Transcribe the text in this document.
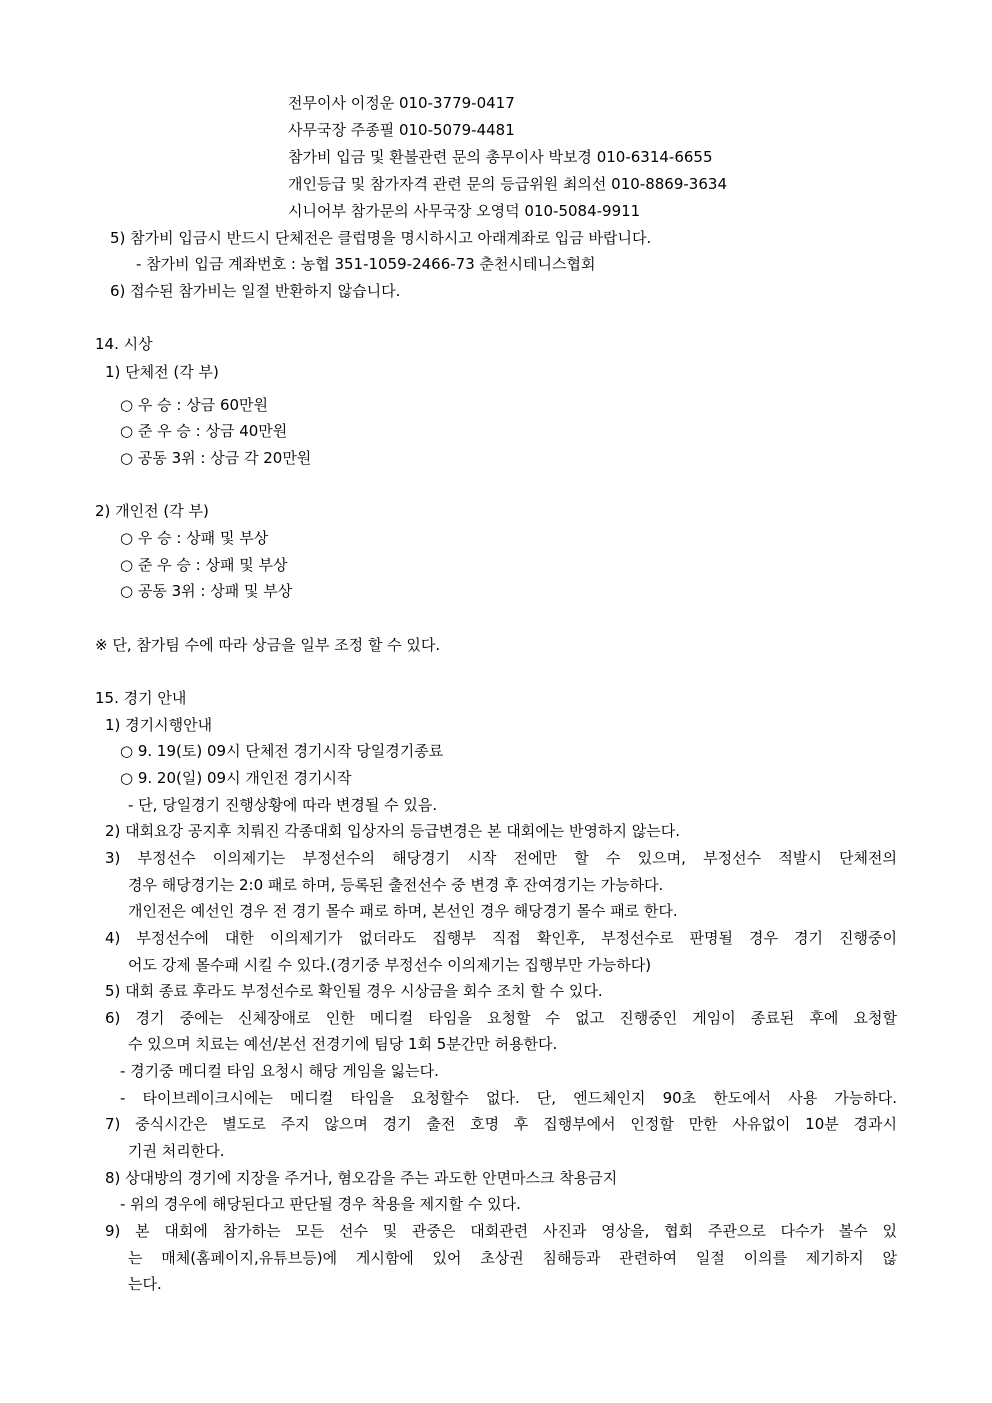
전무이사 이정운 010-3779-0417
사무국장 주종필 010-5079-4481
참가비 입금 및 환불관련 문의 총무이사 박보경 010-6314-6655
개인등급 및 참가자격 관련 문의 등급위원 최의선 010-8869-3634
시니어부 참가문의 사무국장 오영덕 010-5084-9911
5) 참가비 입금시 반드시 단체전은 클럽명을 명시하시고 아래계좌로 입금 바랍니다.
- 참가비 입금 계좌번호 : 농협 351-1059-2466-73 춘천시테니스협회
6) 접수된 참가비는 일절 반환하지 않습니다.
14. 시상
1) 단체전 (각 부)
○ 우 승 : 상금 60만원
○ 준 우 승 : 상금 40만원
○ 공동 3위 : 상금 각 20만원
2) 개인전 (각 부)
○ 우 승 : 상패 및 부상
○ 준 우 승 : 상패 및 부상
○ 공동 3위 : 상패 및 부상
※ 단, 참가팀 수에 따라 상금을 일부 조정 할 수 있다.
15. 경기 안내
1) 경기시행안내
○ 9. 19(토) 09시 단체전 경기시작 당일경기종료
○ 9. 20(일) 09시 개인전 경기시작
- 단, 당일경기 진행상황에 따라 변경될 수 있음.
2) 대회요강 공지후 치뤄진 각종대회 입상자의 등급변경은 본 대회에는 반영하지 않는다.
3) 부정선수 이의제기는 부정선수의 해당경기 시작 전에만 할 수 있으며, 부정선수 적발시 단체전의
경우 해당경기는 2:0 패로 하며, 등록된 출전선수 중 변경 후 잔여경기는 가능하다.
개인전은 예선인 경우 전 경기 몰수 패로 하며, 본선인 경우 해당경기 몰수 패로 한다.
4) 부정선수에 대한 이의제기가 없더라도 집행부 직접 확인후, 부정선수로 판명될 경우 경기 진행중이
어도 강제 몰수패 시킬 수 있다.(경기중 부정선수 이의제기는 집행부만 가능하다)
5) 대회 종료 후라도 부정선수로 확인될 경우 시상금을 회수 조치 할 수 있다.
6) 경기 중에는 신체장애로 인한 메디컬 타임을 요청할 수 없고 진행중인 게임이 종료된 후에 요청할
수 있으며 치료는 예선/본선 전경기에 팀당 1회 5분간만 허용한다.
- 경기중 메디컬 타임 요청시 해당 게임을 잃는다.
- 타이브레이크시에는 메디컬 타임을 요청할수 없다. 단, 엔드체인지 90초 한도에서 사용 가능하다.
7) 중식시간은 별도로 주지 않으며 경기 출전 호명 후 집행부에서 인정할 만한 사유없이 10분 경과시
기권 처리한다.
8) 상대방의 경기에 지장을 주거나, 혐오감을 주는 과도한 안면마스크 착용금지
- 위의 경우에 해당된다고 판단될 경우 착용을 제지할 수 있다.
9) 본 대회에 참가하는 모든 선수 및 관중은 대회관련 사진과 영상을, 협회 주관으로 다수가 볼수 있
는 매체(홈페이지,유튜브등)에 게시함에 있어 초상권 침해등과 관련하여 일절 이의를 제기하지 않
는다.
